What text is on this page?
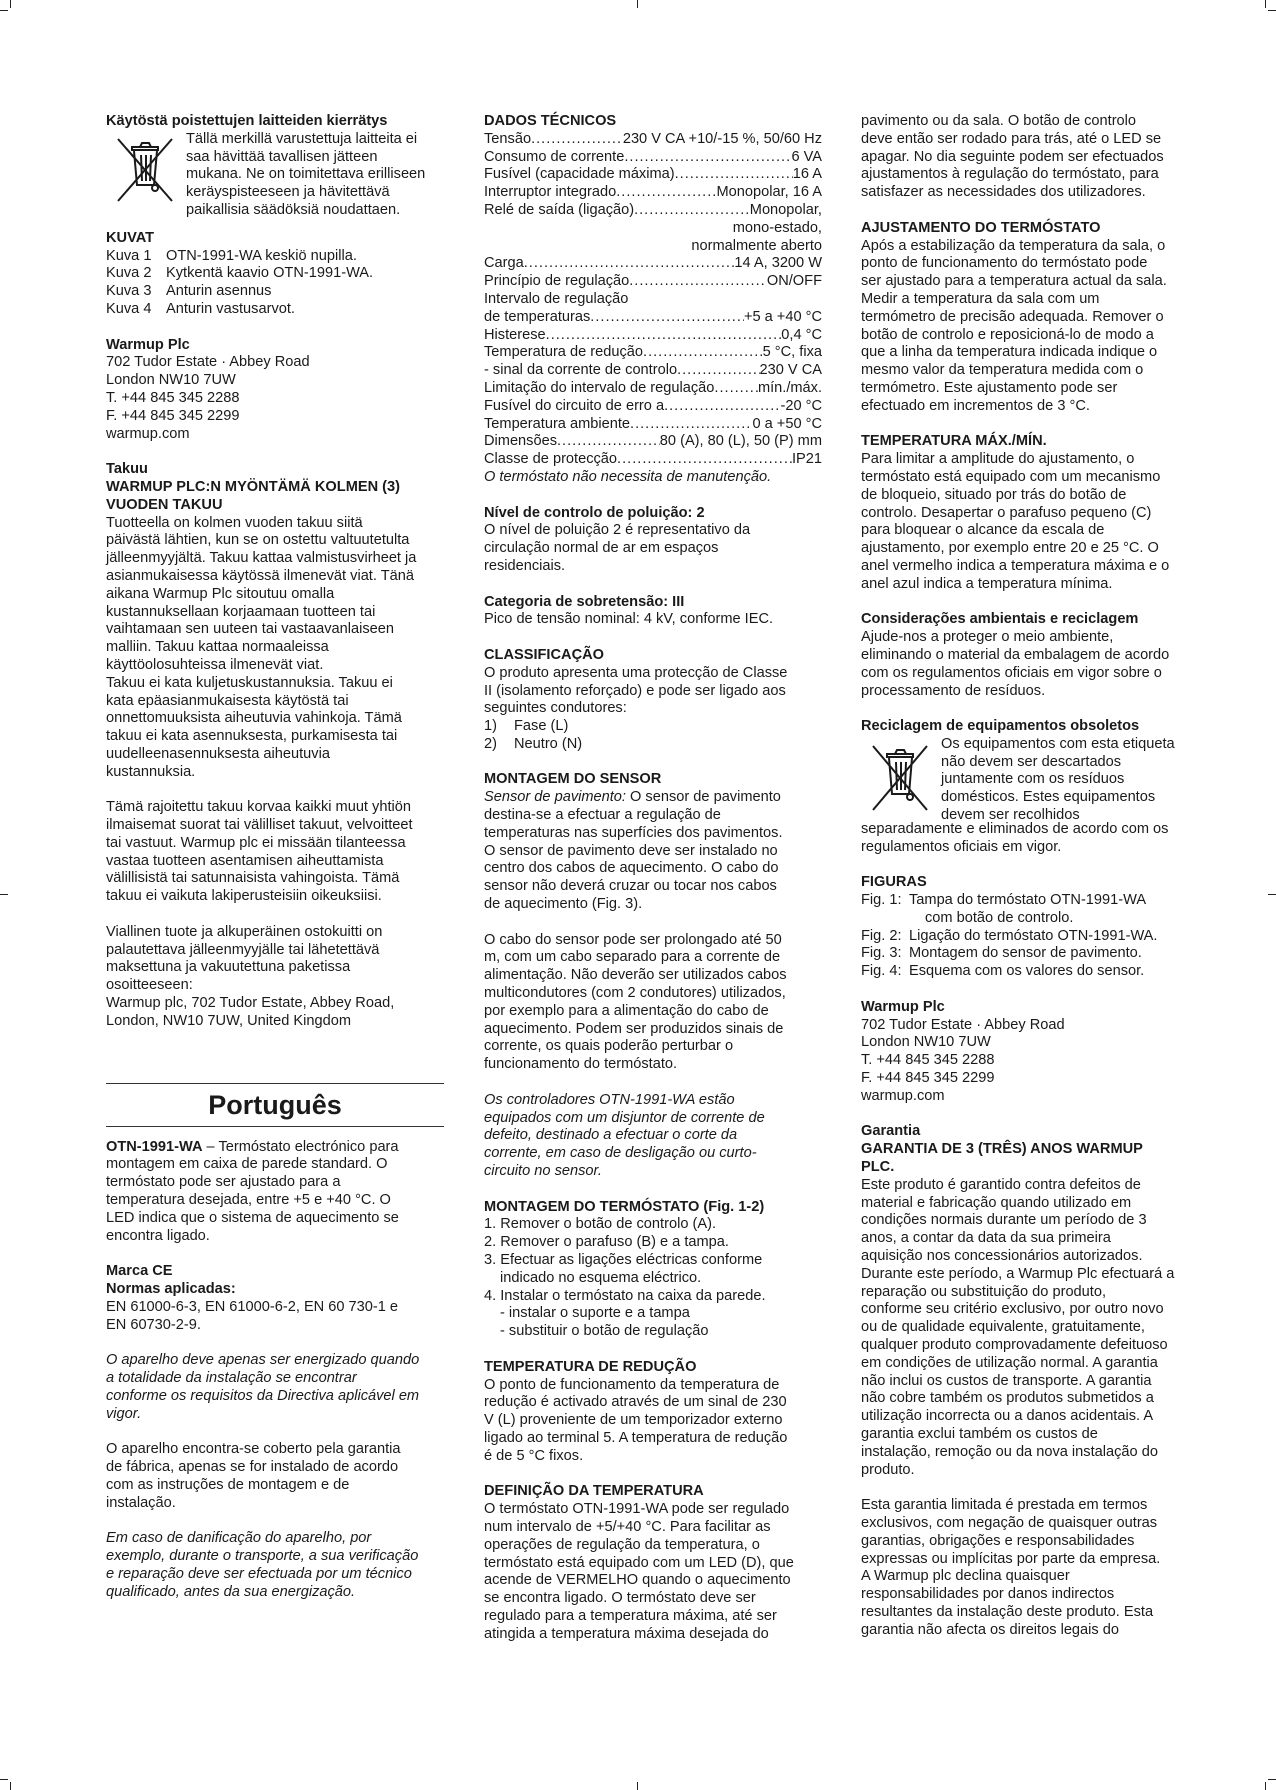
Käytöstä poistettujen laitteiden kierrätys

Tällä merkillä varustettuja laitteita ei

saa hävittää tavallisen jätteen

mukana. Ne on toimitettava erilliseen

keräyspisteeseen ja hävitettävä

paikallisia säädöksiä noudattaen.

KUVAT

Kuva 1 OTN-1991-WA keskiö nupilla.
Kuva 2 Kytkentä kaavio OTN-1991-WA.
Kuva 3 Anturin asennus
Kuva 4 Anturin vastusarvot.

Warmup Plc

702 Tudor Estate · Abbey Road

London NW10 7UW

T. +44 845 345 2288

F. +44 845 345 2299

warmup.com

Takuu

WARMUP PLC:N MYÖNTÄMÄ KOLMEN (3)

VUODEN TAKUU

Tuotteella on kolmen vuoden takuu siitä

päivästä lähtien, kun se on ostettu valtuutetulta

jälleenmyyjältä. Takuu kattaa valmistusvirheet ja

asianmukaisessa käytössä ilmenevät viat. Tänä

aikana Warmup Plc sitoutuu omalla

kustannuksellaan korjaamaan tuotteen tai

vaihtamaan sen uuteen tai vastaavanlaiseen

malliin. Takuu kattaa normaaleissa

käyttöolosuhteissa ilmenevät viat.

Takuu ei kata kuljetuskustannuksia. Takuu ei

kata epäasianmukaisesta käytöstä tai

onnettomuuksista aiheutuvia vahinkoja. Tämä

takuu ei kata asennuksesta, purkamisesta tai

uudelleenasennuksesta aiheutuvia

kustannuksia.

Tämä rajoitettu takuu korvaa kaikki muut yhtiön

ilmaisemat suorat tai välilliset takuut, velvoitteet

tai vastuut. Warmup plc ei missään tilanteessa

vastaa tuotteen asentamisen aiheuttamista

välillisistä tai satunnaisista vahingoista. Tämä

takuu ei vaikuta lakiperusteisiin oikeuksiisi.

Viallinen tuote ja alkuperäinen ostokuitti on

palautettava jälleenmyyjälle tai lähetettävä

maksettuna ja vakuutettuna paketissa

osoitteeseen:

Warmup plc, 702 Tudor Estate, Abbey Road,

London, NW10 7UW, United Kingdom

Português

OTN-1991-WA – Termóstato electrónico para

montagem em caixa de parede standard. O

termóstato pode ser ajustado para a

temperatura desejada, entre +5 e +40 °C. O

LED indica que o sistema de aquecimento se

encontra ligado.

Marca CE

Normas aplicadas:

EN 61000-6-3, EN 61000-6-2, EN 60 730-1 e

EN 60730-2-9.

O aparelho deve apenas ser energizado quando

a totalidade da instalação se encontrar

conforme os requisitos da Directiva aplicável em

vigor.

O aparelho encontra-se coberto pela garantia

de fábrica, apenas se for instalado de acordo

com as instruções de montagem e de

instalação.

Em caso de danificação do aparelho, por

exemplo, durante o transporte, a sua verificação

e reparação deve ser efectuada por um técnico

qualificado, antes da sua energização.

DADOS TÉCNICOS

Tensão .....	230 V CA +10/-15 %, 50/60 Hz
Consumo de corrente .....	6 VA
Fusível (capacidade máxima) .....	16 A
Interruptor integrado .....	Monopolar, 16 A
Relé de saída (ligação) .....	Monopolar,

mono-estado,

normalmente aberto

Carga .....	14 A, 3200 W
Princípio de regulação .....	ON/OFF

Intervalo de regulação

de temperaturas .....	+5 a +40 °C
Histerese .....	0,4 °C
Temperatura de redução .....	5 °C, fixa
- sinal da corrente de controlo .....	230 V CA
Limitação do intervalo de regulação .....	mín./máx.
Fusível do circuito de erro a .....	-20 °C
Temperatura ambiente .....	0 a +50 °C
Dimensões .....	80 (A), 80 (L), 50 (P) mm
Classe de protecção .....	IP21

O termóstato não necessita de manutenção.

Nível de controlo de poluição: 2

O nível de poluição 2 é representativo da

circulação normal de ar em espaços

residenciais.

Categoria de sobretensão: III

Pico de tensão nominal: 4 kV, conforme IEC.

CLASSIFICAÇÃO

O produto apresenta uma protecção de Classe

II (isolamento reforçado) e pode ser ligado aos

seguintes condutores:

1)	Fase (L)
2)	Neutro (N)

MONTAGEM DO SENSOR

Sensor de pavimento: O sensor de pavimento

destina-se a efectuar a regulação de

temperaturas nas superfícies dos pavimentos.

O sensor de pavimento deve ser instalado no

centro dos cabos de aquecimento. O cabo do

sensor não deverá cruzar ou tocar nos cabos

de aquecimento (Fig. 3).

O cabo do sensor pode ser prolongado até 50

m, com um cabo separado para a corrente de

alimentação. Não deverão ser utilizados cabos

multicondutores (com 2 condutores) utilizados,

por exemplo para a alimentação do cabo de

aquecimento. Podem ser produzidos sinais de

corrente, os quais poderão perturbar o

funcionamento do termóstato.

Os controladores OTN-1991-WA estão

equipados com um disjuntor de corrente de

defeito, destinado a efectuar o corte da

corrente, em caso de desligação ou curto-

circuito no sensor.

MONTAGEM DO TERMÓSTATO (Fig. 1-2)

1. Remover o botão de controlo (A).

2. Remover o parafuso (B) e a tampa.

3. Efectuar as ligações eléctricas conforme

indicado no esquema eléctrico.

4. Instalar o termóstato na caixa da parede.

- instalar o suporte e a tampa

- substituir o botão de regulação

TEMPERATURA DE REDUÇÃO

O ponto de funcionamento da temperatura de

redução é activado através de um sinal de 230

V (L) proveniente de um temporizador externo

ligado ao terminal 5. A temperatura de redução

é de 5 °C fixos.

DEFINIÇÃO DA TEMPERATURA

O termóstato OTN-1991-WA pode ser regulado

num intervalo de +5/+40 °C. Para facilitar as

operações de regulação da temperatura, o

termóstato está equipado com um LED (D), que

acende de VERMELHO quando o aquecimento

se encontra ligado. O termóstato deve ser

regulado para a temperatura máxima, até ser

atingida a temperatura máxima desejada do

pavimento ou da sala. O botão de controlo

deve então ser rodado para trás, até o LED se

apagar. No dia seguinte podem ser efectuados

ajustamentos à regulação do termóstato, para

satisfazer as necessidades dos utilizadores.

AJUSTAMENTO DO TERMÓSTATO

Após a estabilização da temperatura da sala, o

ponto de funcionamento do termóstato pode

ser ajustado para a temperatura actual da sala.

Medir a temperatura da sala com um

termómetro de precisão adequada. Remover o

botão de controlo e reposicioná-lo de modo a

que a linha da temperatura indicada indique o

mesmo valor da temperatura medida com o

termómetro. Este ajustamento pode ser

efectuado em incrementos de 3 °C.

TEMPERATURA MÁX./MÍN.

Para limitar a amplitude do ajustamento, o

termóstato está equipado com um mecanismo

de bloqueio, situado por trás do botão de

controlo. Desapertar o parafuso pequeno (C)

para bloquear o alcance da escala de

ajustamento, por exemplo entre 20 e 25 °C. O

anel vermelho indica a temperatura máxima e o

anel azul indica a temperatura mínima.

Considerações ambientais e reciclagem

Ajude-nos a proteger o meio ambiente,

eliminando o material da embalagem de acordo

com os regulamentos oficiais em vigor sobre o

processamento de resíduos.

Reciclagem de equipamentos obsoletos

Os equipamentos com esta etiqueta

não devem ser descartados

juntamente com os resíduos

domésticos. Estes equipamentos

devem ser recolhidos

separadamente e eliminados de acordo com os

regulamentos oficiais em vigor.

FIGURAS

Fig. 1: Tampa do termóstato OTN-1991-WA
com botão de controlo.
Fig. 2: Ligação do termóstato OTN-1991-WA.
Fig. 3: Montagem do sensor de pavimento.
Fig. 4: Esquema com os valores do sensor.

Warmup Plc

702 Tudor Estate · Abbey Road

London NW10 7UW

T. +44 845 345 2288

F. +44 845 345 2299

warmup.com

Garantia

GARANTIA DE 3 (TRÊS) ANOS WARMUP

PLC.

Este produto é garantido contra defeitos de

material e fabricação quando utilizado em

condições normais durante um período de 3

anos, a contar da data da sua primeira

aquisição nos concessionários autorizados.

Durante este período, a Warmup Plc efectuará a

reparação ou substituição do produto,

conforme seu critério exclusivo, por outro novo

ou de qualidade equivalente, gratuitamente,

qualquer produto comprovadamente defeituoso

em condições de utilização normal. A garantia

não inclui os custos de transporte. A garantia

não cobre também os produtos submetidos a

utilização incorrecta ou a danos acidentais. A

garantia exclui também os custos de

instalação, remoção ou da nova instalação do

produto.

Esta garantia limitada é prestada em termos

exclusivos, com negação de quaisquer outras

garantias, obrigações e responsabilidades

expressas ou implícitas por parte da empresa.

A Warmup plc declina quaisquer

responsabilidades por danos indirectos

resultantes da instalação deste produto. Esta

garantia não afecta os direitos legais do
